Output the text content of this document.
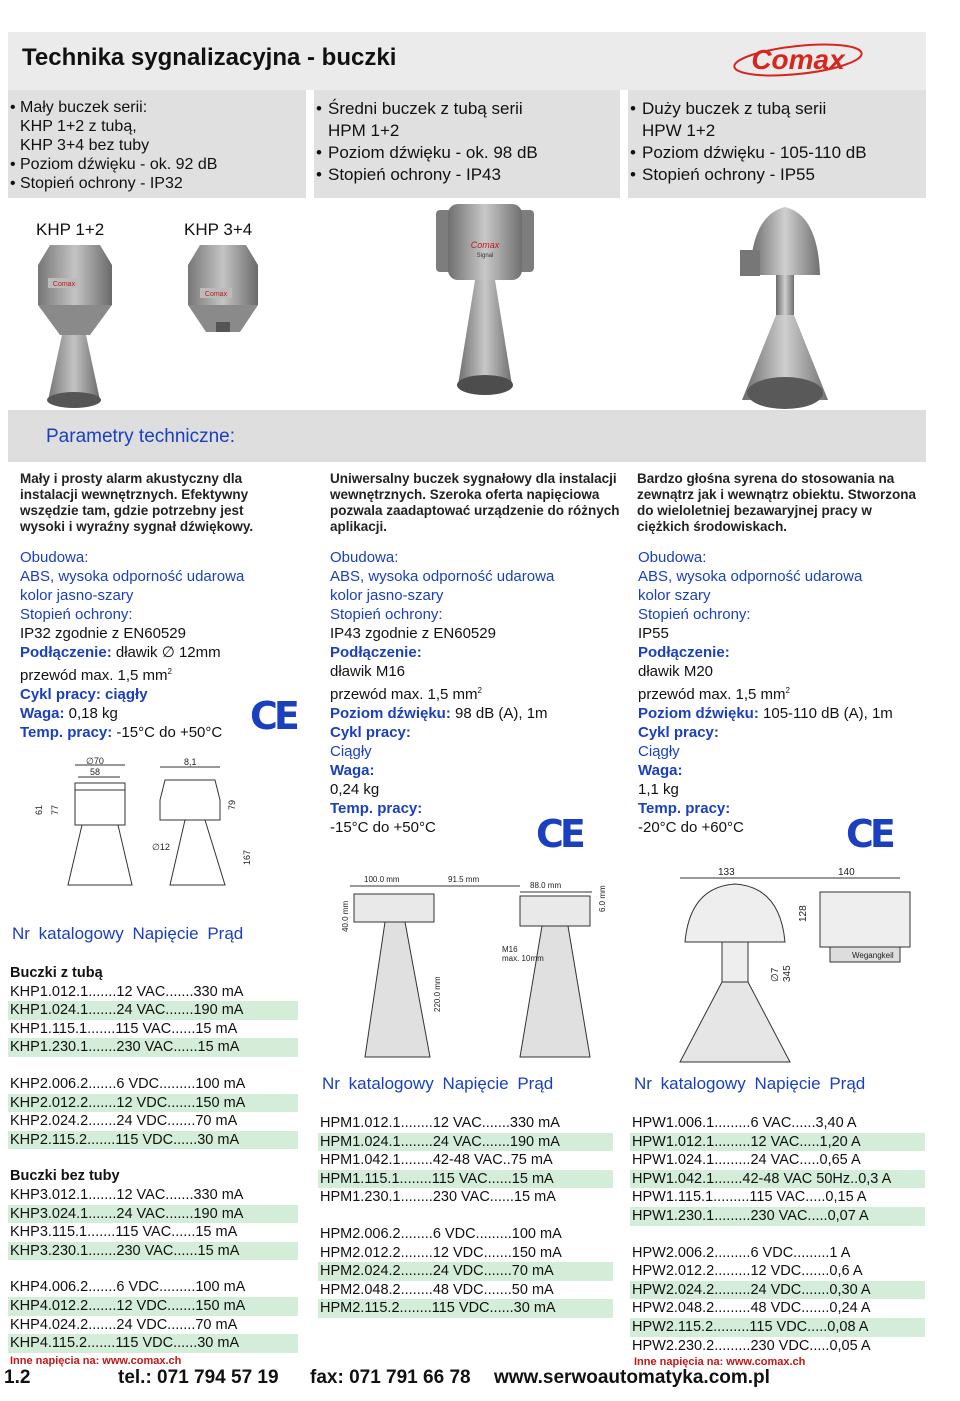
Technika sygnalizacyjna - buczki	Comax
• Mały buczek serii:
KHP 1+2 z tubą,
KHP 3+4 bez tuby
• Poziom dźwięku - ok. 92 dB
• Stopień ochrony - IP32
• Średni buczek z tubą serii
HPM 1+2
• Poziom dźwięku - ok. 98 dB
• Stopień ochrony - IP43
• Duży buczek z tubą serii
HPW 1+2
• Poziom dźwięku - 105-110 dB
• Stopień ochrony - IP55
KHP 1+2	KHP 3+4
Comax
Comax
Comax
Signal
Parametry techniczne:
Mały i prosty alarm akustyczny dla instalacji wewnętrznych. Efektywny wszędzie tam, gdzie potrzebny jest wysoki i wyraźny sygnał dźwiękowy.
Obudowa:
ABS, wysoka odporność udarowa
kolor jasno-szary
Stopień ochrony:
IP32 zgodnie z EN60529
Podłączenie: dławik ∅ 12mm
przewód max. 1,5 $mm^2$
Cykl pracy: ciągły
Waga: 0,18 kg
Temp. pracy: -15°C do +50°C CE
Uniwersalny buczek sygnałowy dla instalacji wewnętrznych. Szeroka oferta napięciowa pozwala zaadaptować urządzenie do różnych aplikacji.
Obudowa:
ABS, wysoka odporność udarowa
kolor jasno-szary
Stopień ochrony:
IP43 zgodnie z EN60529
Podłączenie:
dławik M16
przewód max. 1,5 $mm^2$
Poziom dźwięku: 98 dB (A), 1m
Cykl pracy:
Ciągły
Waga:
0,24 kg
Temp. pracy:
-15°C do +50°C	CE
Bardzo głośna syrena do stosowania na zewnątrz jak i wewnątrz obiektu. Stworzona do wieloletniej bezawaryjnej pracy w ciężkich środowiskach.
Obudowa:
ABS, wysoka odporność udarowa
kolor szary
Stopień ochrony:
IP55
Podłączenie:
dławik M20
przewód max. 1,5 $mm^2$
Poziom dźwięku: 105-110 dB (A), 1m
Cykl pracy:
Ciągły
Waga:
1,1 kg
Temp. pracy:
-20°C do +60°C	CE
∅70
58
61 77
8,1
79
167
∅12
100.0 mm	91.5 mm
88.0 mm
40.0 mm
6.0 mm
220.0 mm
M16
max. 10mm
133	140
128
∅7 345
Wegangkeil
Nr katalogowy Napięcie Prąd
Buczki z tubą
KHP1.012.1.......12 VAC.......330 mA
KHP1.024.1.......24 VAC.......190 mA
KHP1.115.1.......115 VAC......15 mA
KHP1.230.1.......230 VAC......15 mA
KHP2.006.2.......6 VDC.........100 mA
KHP2.012.2.......12 VDC.......150 mA
KHP2.024.2.......24 VDC.......70 mA
KHP2.115.2.......115 VDC......30 mA
Buczki bez tuby
KHP3.012.1.......12 VAC.......330 mA
KHP3.024.1.......24 VAC.......190 mA
KHP3.115.1.......115 VAC......15 mA
KHP3.230.1.......230 VAC......15 mA
KHP4.006.2.......6 VDC.........100 mA
KHP4.012.2.......12 VDC.......150 mA
KHP4.024.2.......24 VDC.......70 mA
KHP4.115.2.......115 VDC......30 mA
Inne napięcia na: www.comax.ch
Nr katalogowy Napięcie Prąd
HPM1.012.1........12 VAC.......330 mA
HPM1.024.1........24 VAC.......190 mA
HPM1.042.1........42-48 VAC..75 mA
HPM1.115.1........115 VAC......15 mA
HPM1.230.1........230 VAC......15 mA
HPM2.006.2........6 VDC.........100 mA
HPM2.012.2........12 VDC.......150 mA
HPM2.024.2........24 VDC.......70 mA
HPM2.048.2........48 VDC.......50 mA
HPM2.115.2........115 VDC......30 mA
Nr katalogowy Napięcie Prąd
HPW1.006.1.........6 VAC......3,40 A
HPW1.012.1.........12 VAC.....1,20 A
HPW1.024.1.........24 VAC.....0,65 A
HPW1.042.1.......42-48 VAC 50Hz..0,3 A
HPW1.115.1.........115 VAC.....0,15 A
HPW1.230.1.........230 VAC.....0,07 A
HPW2.006.2.........6 VDC.........1 A
HPW2.012.2.........12 VDC.......0,6 A
HPW2.024.2.........24 VDC.......0,30 A
HPW2.048.2.........48 VDC.......0,24 A
HPW2.115.2.........115 VDC.....0,08 A
HPW2.230.2.........230 VDC.....0,05 A
Inne napięcia na: www.comax.ch
1.2	tel.: 071 794 57 19 fax: 071 791 66 78 www.serwoautomatyka.com.pl
